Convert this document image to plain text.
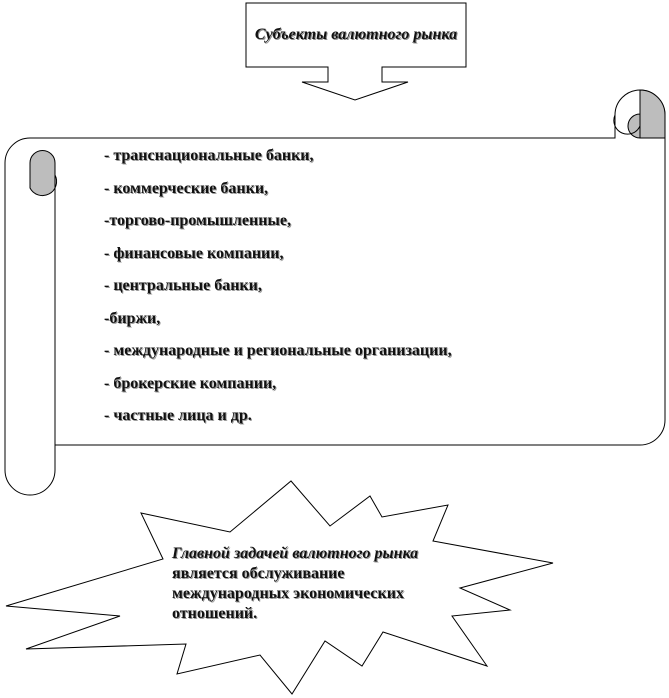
Субъекты валютного рынка
- транснациональные банки,
- коммерческие банки,
-торгово-промышленные,
- финансовые компании,
- центральные банки,
-биржи,
- международные и региональные организации,
- брокерские компании,
- частные лица и др.
Главной задачей валютного рынка является обслуживание международных экономических отношений.
